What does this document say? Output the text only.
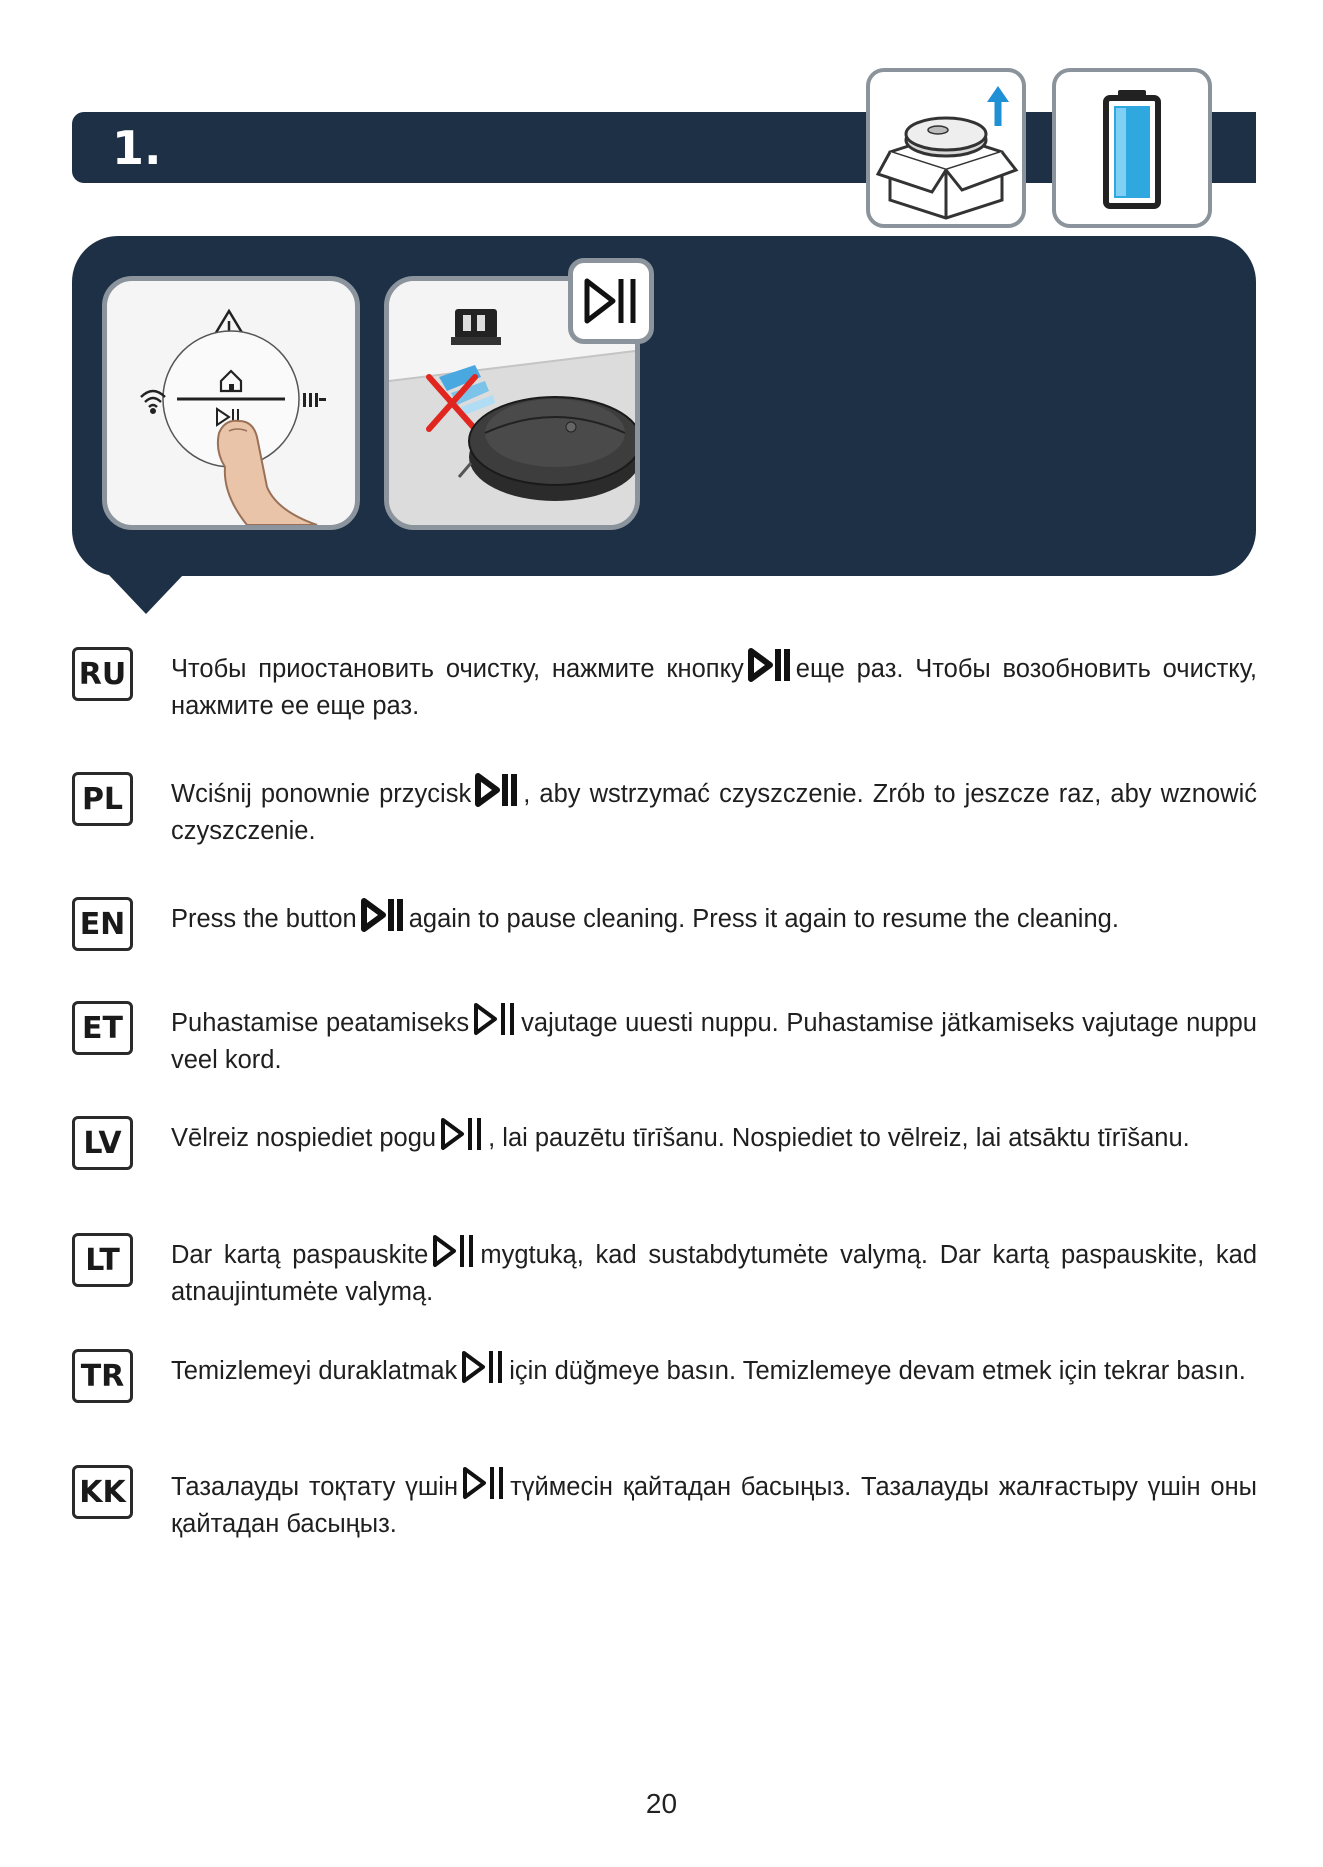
1.
RU Чтобы приостановить очистку, нажмите кнопку еще раз. Чтобы возобновить очистку, нажмите ее еще раз.
PL	Wciśnij ponownie przycisk , aby wstrzymać czyszczenie. Zrób to jeszcze raz, aby wznowić czyszczenie.
EN	Press the button again to pause cleaning. Press it again to resume the cleaning.
ET	Puhastamise peatamiseks vajutage uuesti nuppu. Puhastamise jätkamiseks vajutage nuppu veel kord.
LV	Vēlreiz nospiediet pogu , lai pauzētu tīrīšanu. Nospiediet to vēlreiz, lai atsāktu tīrīšanu.
LT	Dar kartą paspauskite mygtuką, kad sustabdytumėte valymą. Dar kartą paspauskite, kad atnaujintumėte valymą.
TR	Temizlemeyi duraklatmak için düğmeye basın. Temizlemeye devam etmek için tekrar basın.
KK Тазалауды тоқтату үшін түймесін қайтадан басыңыз. Тазалауды жалғастыру үшін оны қайтадан басыңыз.
20
